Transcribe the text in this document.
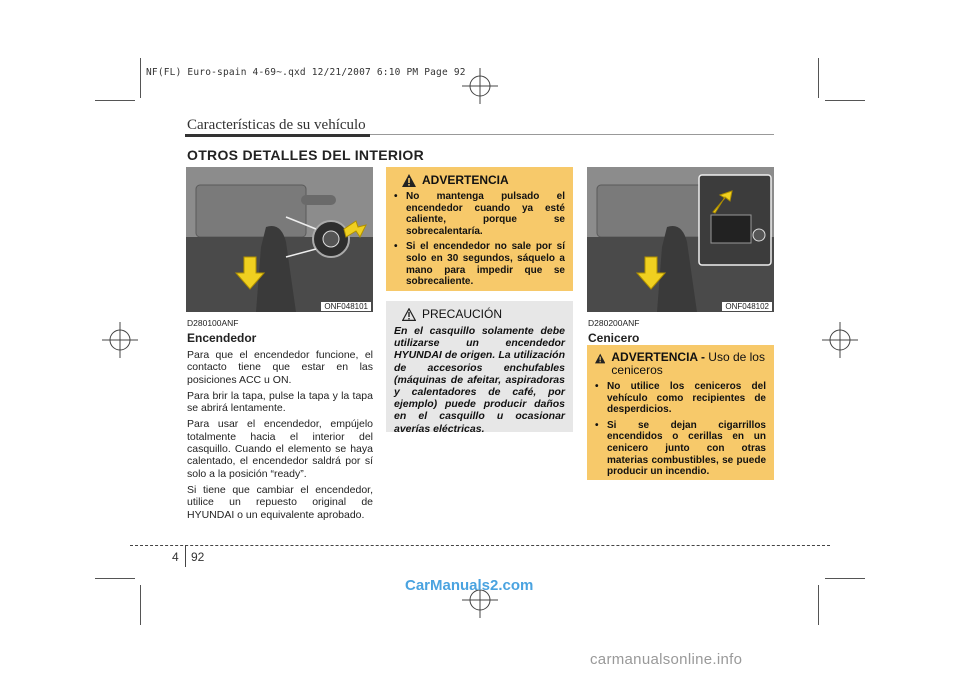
NF(FL) Euro-spain 4-69~.qxd 12/21/2007 6:10 PM Page 92
Características de su vehículo
OTROS DETALLES DEL INTERIOR
ONF048101
D280100ANF
Encendedor

Para que el encendedor funcione, el contacto tiene que estar en las posiciones ACC u ON.

Para brir la tapa, pulse la tapa y la tapa se abrirá lentamente.

Para usar el encendedor, empújelo totalmente hacia el interior del casquillo. Cuando el elemento se haya calentado, el encendedor saldrá por sí solo a la posición “ready”.

Si tiene que cambiar el encendedor, utilice un repuesto original de HYUNDAI o un equivalente aprobado.

ADVERTENCIA
• No mantenga pulsado el encendedor cuando ya esté caliente, porque se sobrecalentaría.
• Si el encendedor no sale por sí solo en 30 segundos, sáquelo a mano para impedir que se sobrecaliente.
PRECAUCIÓN
En el casquillo solamente debe utilizarse un encendedor HYUNDAI de origen. La utilización de accesorios enchufables (máquinas de afeitar, aspiradoras y calentadores de café, por ejemplo) puede producir daños en el casquillo u ocasionar averías eléctricas.
ONF048102
D280200ANF
Cenicero
ADVERTENCIA - Uso de los ceniceros
• No utilice los ceniceros del vehículo como recipientes de desperdicios.
• Si se dejan cigarrillos encendidos o cerillas en un cenicero junto con otras materias combustibles, se puede producir un incendio.
4 92
CarManuals2.com
carmanualsonline.info
